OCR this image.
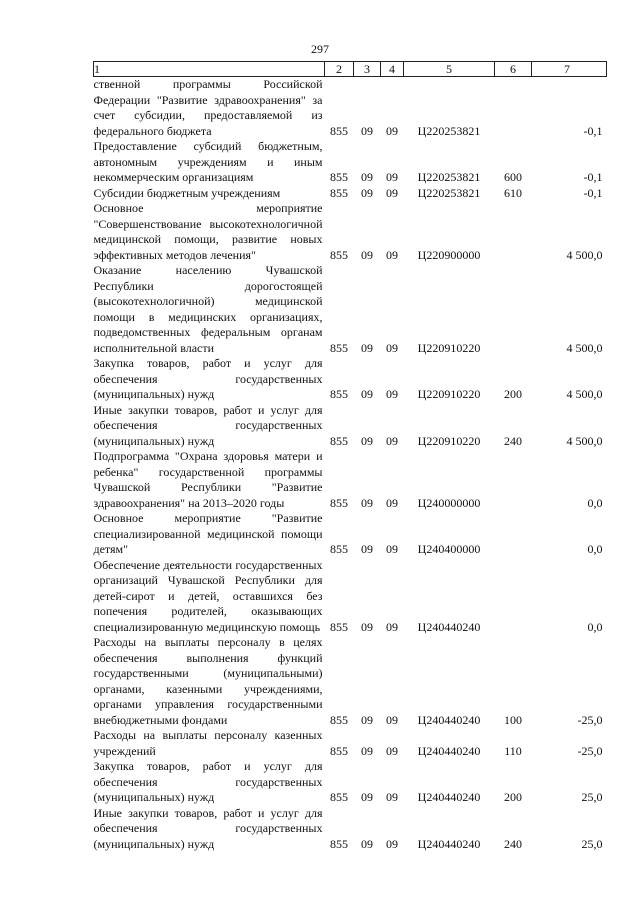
297
1	2	3	4	5	6	7
ственной программы Российской Федерации "Развитие здравоохранения" за счет субсидии, предоставляемой из федерального бюджета	855	09	09	Ц220253821		-0,1
Предоставление субсидий бюджетным, автономным учреждениям и иным некоммерческим организациям	855	09	09	Ц220253821	600	-0,1
Субсидии бюджетным учреждениям	855	09	09	Ц220253821	610	-0,1
Основное мероприятие "Совершенствование высокотехнологичной медицинской помощи, развитие новых эффективных методов лечения"	855	09	09	Ц220900000		4 500,0
Оказание населению Чувашской Республики дорогостоящей (высокотехнологичной) медицинской помощи в медицинских организациях, подведомственных федеральным органам исполнительной власти	855	09	09	Ц220910220		4 500,0
Закупка товаров, работ и услуг для обеспечения государственных (муниципальных) нужд	855	09	09	Ц220910220	200	4 500,0
Иные закупки товаров, работ и услуг для обеспечения государственных (муниципальных) нужд	855	09	09	Ц220910220	240	4 500,0
Подпрограмма "Охрана здоровья матери и ребенка" государственной программы Чувашской Республики "Развитие здравоохранения" на 2013–2020 годы	855	09	09	Ц240000000		0,0
Основное мероприятие "Развитие специализированной медицинской помощи детям"	855	09	09	Ц240400000		0,0
Обеспечение деятельности государственных организаций Чувашской Республики для детей-сирот и детей, оставшихся без попечения родителей, оказывающих специализированную медицинскую помощь	855	09	09	Ц240440240		0,0
Расходы на выплаты персоналу в целях обеспечения выполнения функций государственными (муниципальными) органами, казенными учреждениями, органами управления государственными внебюджетными фондами	855	09	09	Ц240440240	100	-25,0
Расходы на выплаты персоналу казенных учреждений	855	09	09	Ц240440240	110	-25,0
Закупка товаров, работ и услуг для обеспечения государственных (муниципальных) нужд	855	09	09	Ц240440240	200	25,0
Иные закупки товаров, работ и услуг для обеспечения государственных (муниципальных) нужд	855	09	09	Ц240440240	240	25,0
